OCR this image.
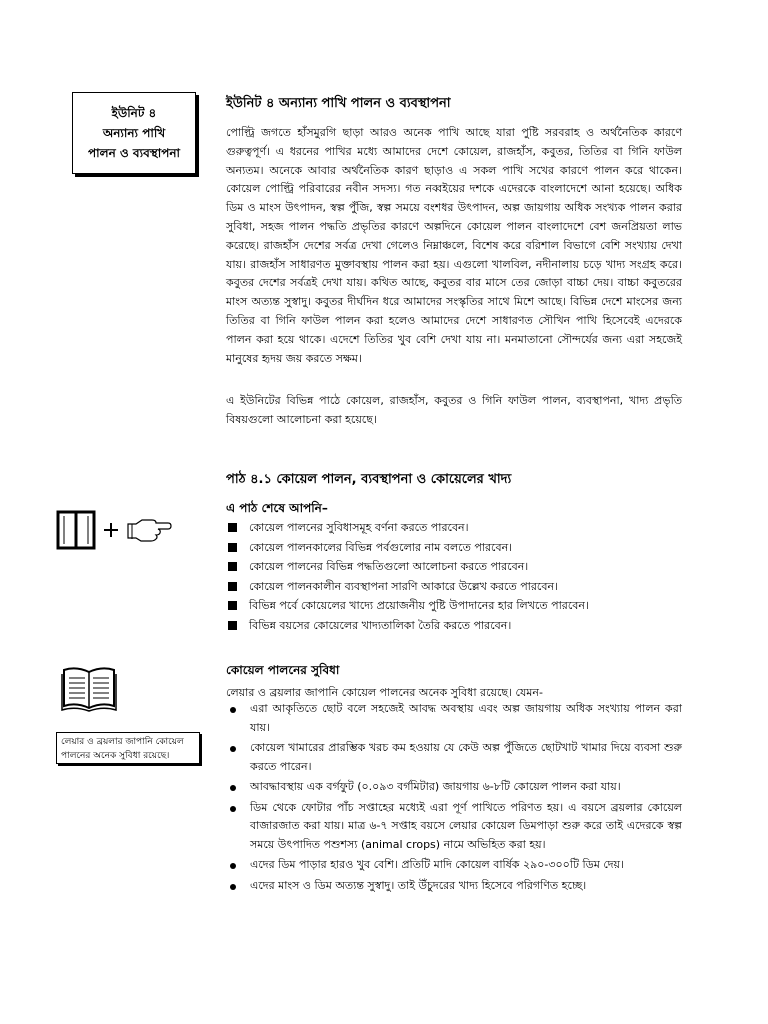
ইউনিট ৪
অন্যান্য পাখি
পালন ও ব্যবস্থাপনা
ইউনিট ৪ অন্যান্য পাখি পালন ও ব্যবস্থাপনা

পোল্ট্রি জগতে হাঁসমুরগি ছাড়া আরও অনেক পাখি আছে যারা পুষ্টি সরবরাহ ও অর্থনৈতিক কারণে গুরুত্বপূর্ণ। এ ধরনের পাখির মধ্যে আমাদের দেশে কোয়েল, রাজহাঁস, কবুতর, তিতির বা গিনি ফাউল অন্যতম। অনেকে আবার অর্থনৈতিক কারণ ছাড়াও এ সকল পাখি সখের কারণে পালন করে থাকেন। কোয়েল পোল্ট্রি পরিবারের নবীন সদস্য। গত নব্বইয়ের দশকে এদেরকে বাংলাদেশে আনা হয়েছে। অধিক ডিম ও মাংস উৎপাদন, স্বল্প পুঁজি, স্বল্প সময়ে বংশধর উৎপাদন, অল্প জায়গায় অধিক সংখ্যক পালন করার সুবিধা, সহজ পালন পদ্ধতি প্রভৃতির কারণে অল্পদিনে কোয়েল পালন বাংলাদেশে বেশ জনপ্রিয়তা লাভ করেছে। রাজহাঁস দেশের সর্বত্র দেখা গেলেও নিম্নাঞ্চলে, বিশেষ করে বরিশাল বিভাগে বেশি সংখ্যায় দেখা যায়। রাজহাঁস সাধারণত মুক্তাবস্থায় পালন করা হয়। এগুলো খালবিল, নদীনালায় চড়ে খাদ্য সংগ্রহ করে। কবুতর দেশের সর্বত্রই দেখা যায়। কথিত আছে, কবুতর বার মাসে তের জোড়া বাচ্চা দেয়। বাচ্চা কবুতরের মাংস অত্যন্ত সুস্বাদু। কবুতর দীর্ঘদিন ধরে আমাদের সংস্কৃতির সাথে মিশে আছে। বিভিন্ন দেশে মাংসের জন্য তিতির বা গিনি ফাউল পালন করা হলেও আমাদের দেশে সাধারণত সৌখিন পাখি হিসেবেই এদেরকে পালন করা হয়ে থাকে। এদেশে তিতির খুব বেশি দেখা যায় না। মনমাতানো সৌন্দর্যের জন্য এরা সহজেই মানুষের হৃদয় জয় করতে সক্ষম।

এ ইউনিটের বিভিন্ন পাঠে কোয়েল, রাজহাঁস, কবুতর ও গিনি ফাউল পালন, ব্যবস্থাপনা, খাদ্য প্রভৃতি বিষয়গুলো আলোচনা করা হয়েছে।

পাঠ ৪.১ কোয়েল পালন, ব্যবস্থাপনা ও কোয়েলের খাদ্য
এ পাঠ শেষে আপনি–
কোয়েল পালনের সুবিধাসমূহ বর্ণনা করতে পারবেন।
কোয়েল পালনকালের বিভিন্ন পর্বগুলোর নাম বলতে পারবেন।
কোয়েল পালনের বিভিন্ন পদ্ধতিগুলো আলোচনা করতে পারবেন।
কোয়েল পালনকালীন ব্যবস্থাপনা সারণি আকারে উল্লেখ করতে পারবেন।
বিভিন্ন পর্বে কোয়েলের খাদ্যে প্রয়োজনীয় পুষ্টি উপাদানের হার লিখতে পারবেন।
বিভিন্ন বয়সের কোয়েলের খাদ্যতালিকা তৈরি করতে পারবেন।
লেয়ার ও ব্রয়লার জাপানি কোয়েল পালনের অনেক সুবিধা রয়েছে।
কোয়েল পালনের সুবিধা
লেয়ার ও ব্রয়লার জাপানি কোয়েল পালনের অনেক সুবিধা রয়েছে। যেমন-
এরা আকৃতিতে ছোট বলে সহজেই আবদ্ধ অবস্থায় এবং অল্প জায়গায় অধিক সংখ্যায় পালন করা যায়।
কোয়েল খামারের প্রারম্ভিক খরচ কম হওয়ায় যে কেউ অল্প পুঁজিতে ছোটখাট খামার দিয়ে ব্যবসা শুরু করতে পারেন।
আবদ্ধাবস্থায় এক বর্গফুট (০.০৯৩ বর্গমিটার) জায়গায় ৬-৮টি কোয়েল পালন করা যায়।
ডিম থেকে ফোটার পাঁচ সপ্তাহের মধ্যেই এরা পূর্ণ পাখিতে পরিণত হয়। এ বয়সে ব্রয়লার কোয়েল বাজারজাত করা যায়। মাত্র ৬-৭ সপ্তাহ বয়সে লেয়ার কোয়েল ডিমপাড়া শুরু করে তাই এদেরকে স্বল্প সময়ে উৎপাদিত পশুশস্য (animal crops) নামে অভিহিত করা হয়।
এদের ডিম পাড়ার হারও খুব বেশি। প্রতিটি মাদি কোয়েল বার্ষিক ২৯০-৩০০টি ডিম দেয়।
এদের মাংস ও ডিম অত্যন্ত সুস্বাদু। তাই উঁচুদরের খাদ্য হিসেবে পরিগণিত হচ্ছে।
